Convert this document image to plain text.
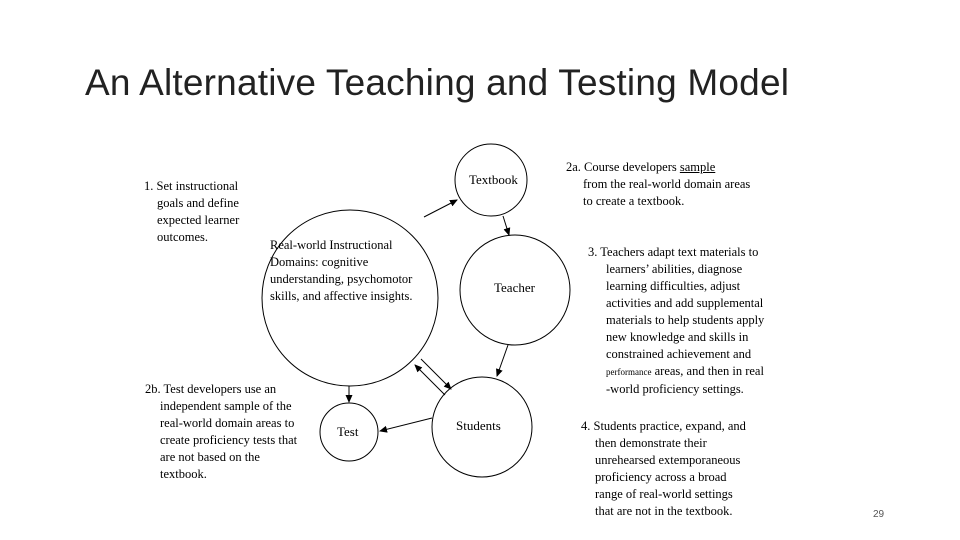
An Alternative Teaching and Testing Model
Real-world Instructional
Domains: cognitive
understanding, psychomotor
skills, and affective insights.
Textbook
Teacher
Students
Test
1. Set instructional
goals and define
expected learner
outcomes.
2a. Course developers sample
from the real-world domain areas
to create a textbook.
2b. Test developers use an
independent sample of the
real-world domain areas to
create proficiency tests that
are not based on the
textbook.
3. Teachers adapt text materials to
learners’ abilities, diagnose
learning difficulties, adjust
activities and add supplemental
materials to help students apply
new knowledge and skills in
constrained achievement and
performance areas, and then in real
-world proficiency settings.
4. Students practice, expand, and
then demonstrate their
unrehearsed extemporaneous
proficiency across a broad
range of real-world settings
that are not in the textbook.	29
